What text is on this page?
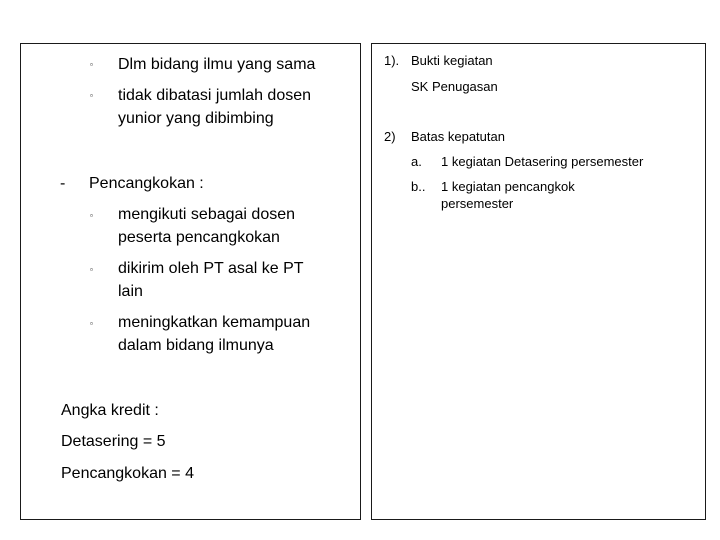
▫ Dlm bidang ilmu yang sama
▫ tidak dibatasi jumlah dosen
yunior yang dibimbing
- Pencangkokan :
▫ mengikuti sebagai dosen
peserta pencangkokan
▫ dikirim oleh PT asal ke PT
lain
▫ meningkatkan kemampuan
dalam bidang ilmunya
Angka kredit :
Detasering = 5
Pencangkokan = 4
1). Bukti kegiatan
SK Penugasan
2) Batas kepatutan
a. 1 kegiatan Detasering persemester
b.. 1 kegiatan pencangkok
persemester
